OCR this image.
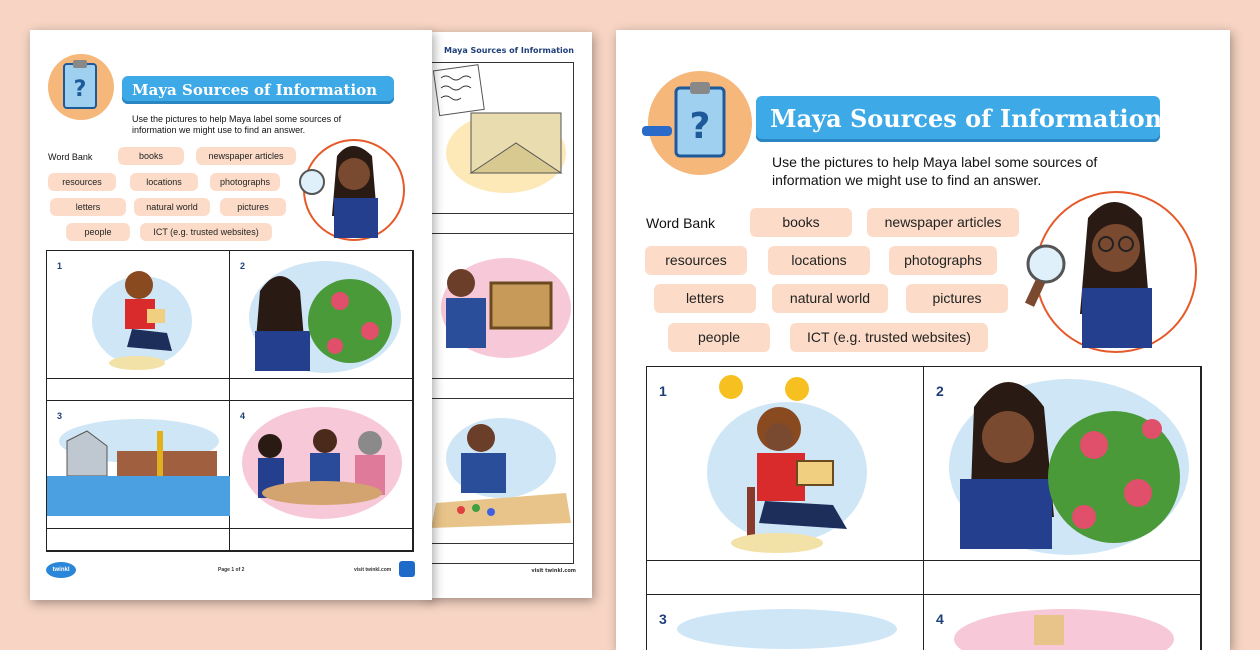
Maya Sources of Information
visit twinkl.com
?	Maya Sources of Information
Use the pictures to help Maya label some sources of information we might use to find an answer.
Word Bank	books	newspaper articles
resources	locations	photographs
letters	natural world	pictures
people	ICT (e.g. trusted websites)
1	2
3	4
twinkl	Page 1 of 2	visit twinkl.com
?	Maya Sources of Information
Use the pictures to help Maya label some sources of information we might use to find an answer.
Word Bank	books	newspaper articles
resources	locations	photographs
letters	natural world	pictures
people	ICT (e.g. trusted websites)
1	2
3	4
